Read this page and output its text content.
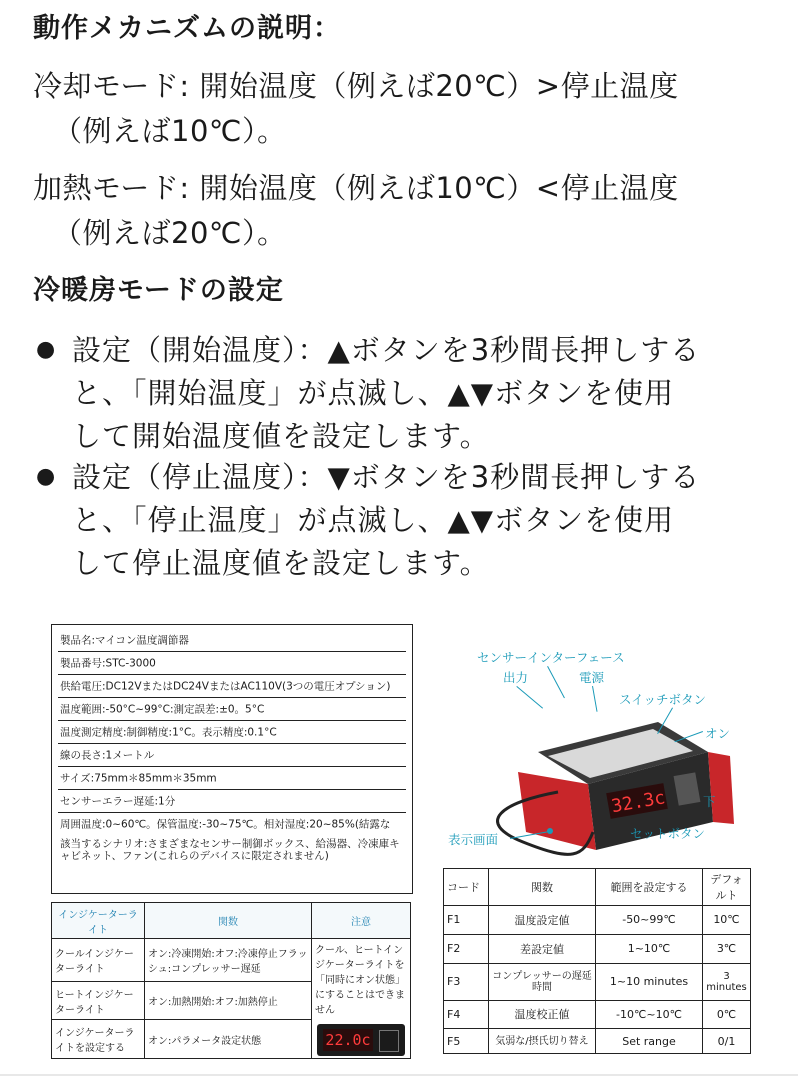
動作メカニズムの説明：
冷却モード: 開始温度（例えば20℃）>停止温度
（例えば10℃）。
加熱モード: 開始温度（例えば10℃）<停止温度
（例えば20℃）。
冷暖房モードの設定
● 設定（開始温度）：▲ボタンを3秒間長押しする
と、「開始温度」が点滅し、▲▼ボタンを使用
して開始温度値を設定します。
● 設定（停止温度）：▼ボタンを3秒間長押しする
と、「停止温度」が点滅し、▲▼ボタンを使用
して停止温度値を設定します。
製品名:マイコン温度調節器
製品番号:STC-3000
供給電圧:DC12VまたはDC24VまたはAC110V(3つの電圧オプション)
温度範囲:-50°C~99°C:測定誤差:±0。5°C
温度測定精度:制御精度:1°C。表示精度:0.1°C
線の長さ:1メートル
サイズ:75mm＊85mm＊35mm
センサーエラー遅延:1分
周囲温度:0~60℃。保管温度:-30~75℃。相対湿度:20~85%(結露な
該当するシナリオ:さまざまなセンサー制御ボックス、給湯器、冷凍庫キャビネット、ファン(これらのデバイスに限定されません)
インジケーターライト	関数	注意
クールインジケーターライト	オン:冷凍開始:オフ:冷凍停止フラッシュ:コンプレッサー遅延	クール、ヒートインジケーターライトを「同時にオン状態」にすることはできません
22.0c

ヒートインジケーターライト	オン:加熱開始:オフ:加熱停止	
インジケーターライトを設定する	オン:パラメータ設定状態	
32.3c
センサーインターフェース
出力	電源
スイッチボタン
オン
下
セットボタン
表示画面
コード	関数	範囲を設定する	デフォルト
F1	温度設定値	-50~99℃	10℃
F2	差設定値	1~10℃	3℃
F3	コンプレッサーの遅延時間	1~10 minutes	3 minutes
F4	温度校正値	-10℃~10℃	0℃
F5	気弱な/摂氏切り替え	Set range	0/1
